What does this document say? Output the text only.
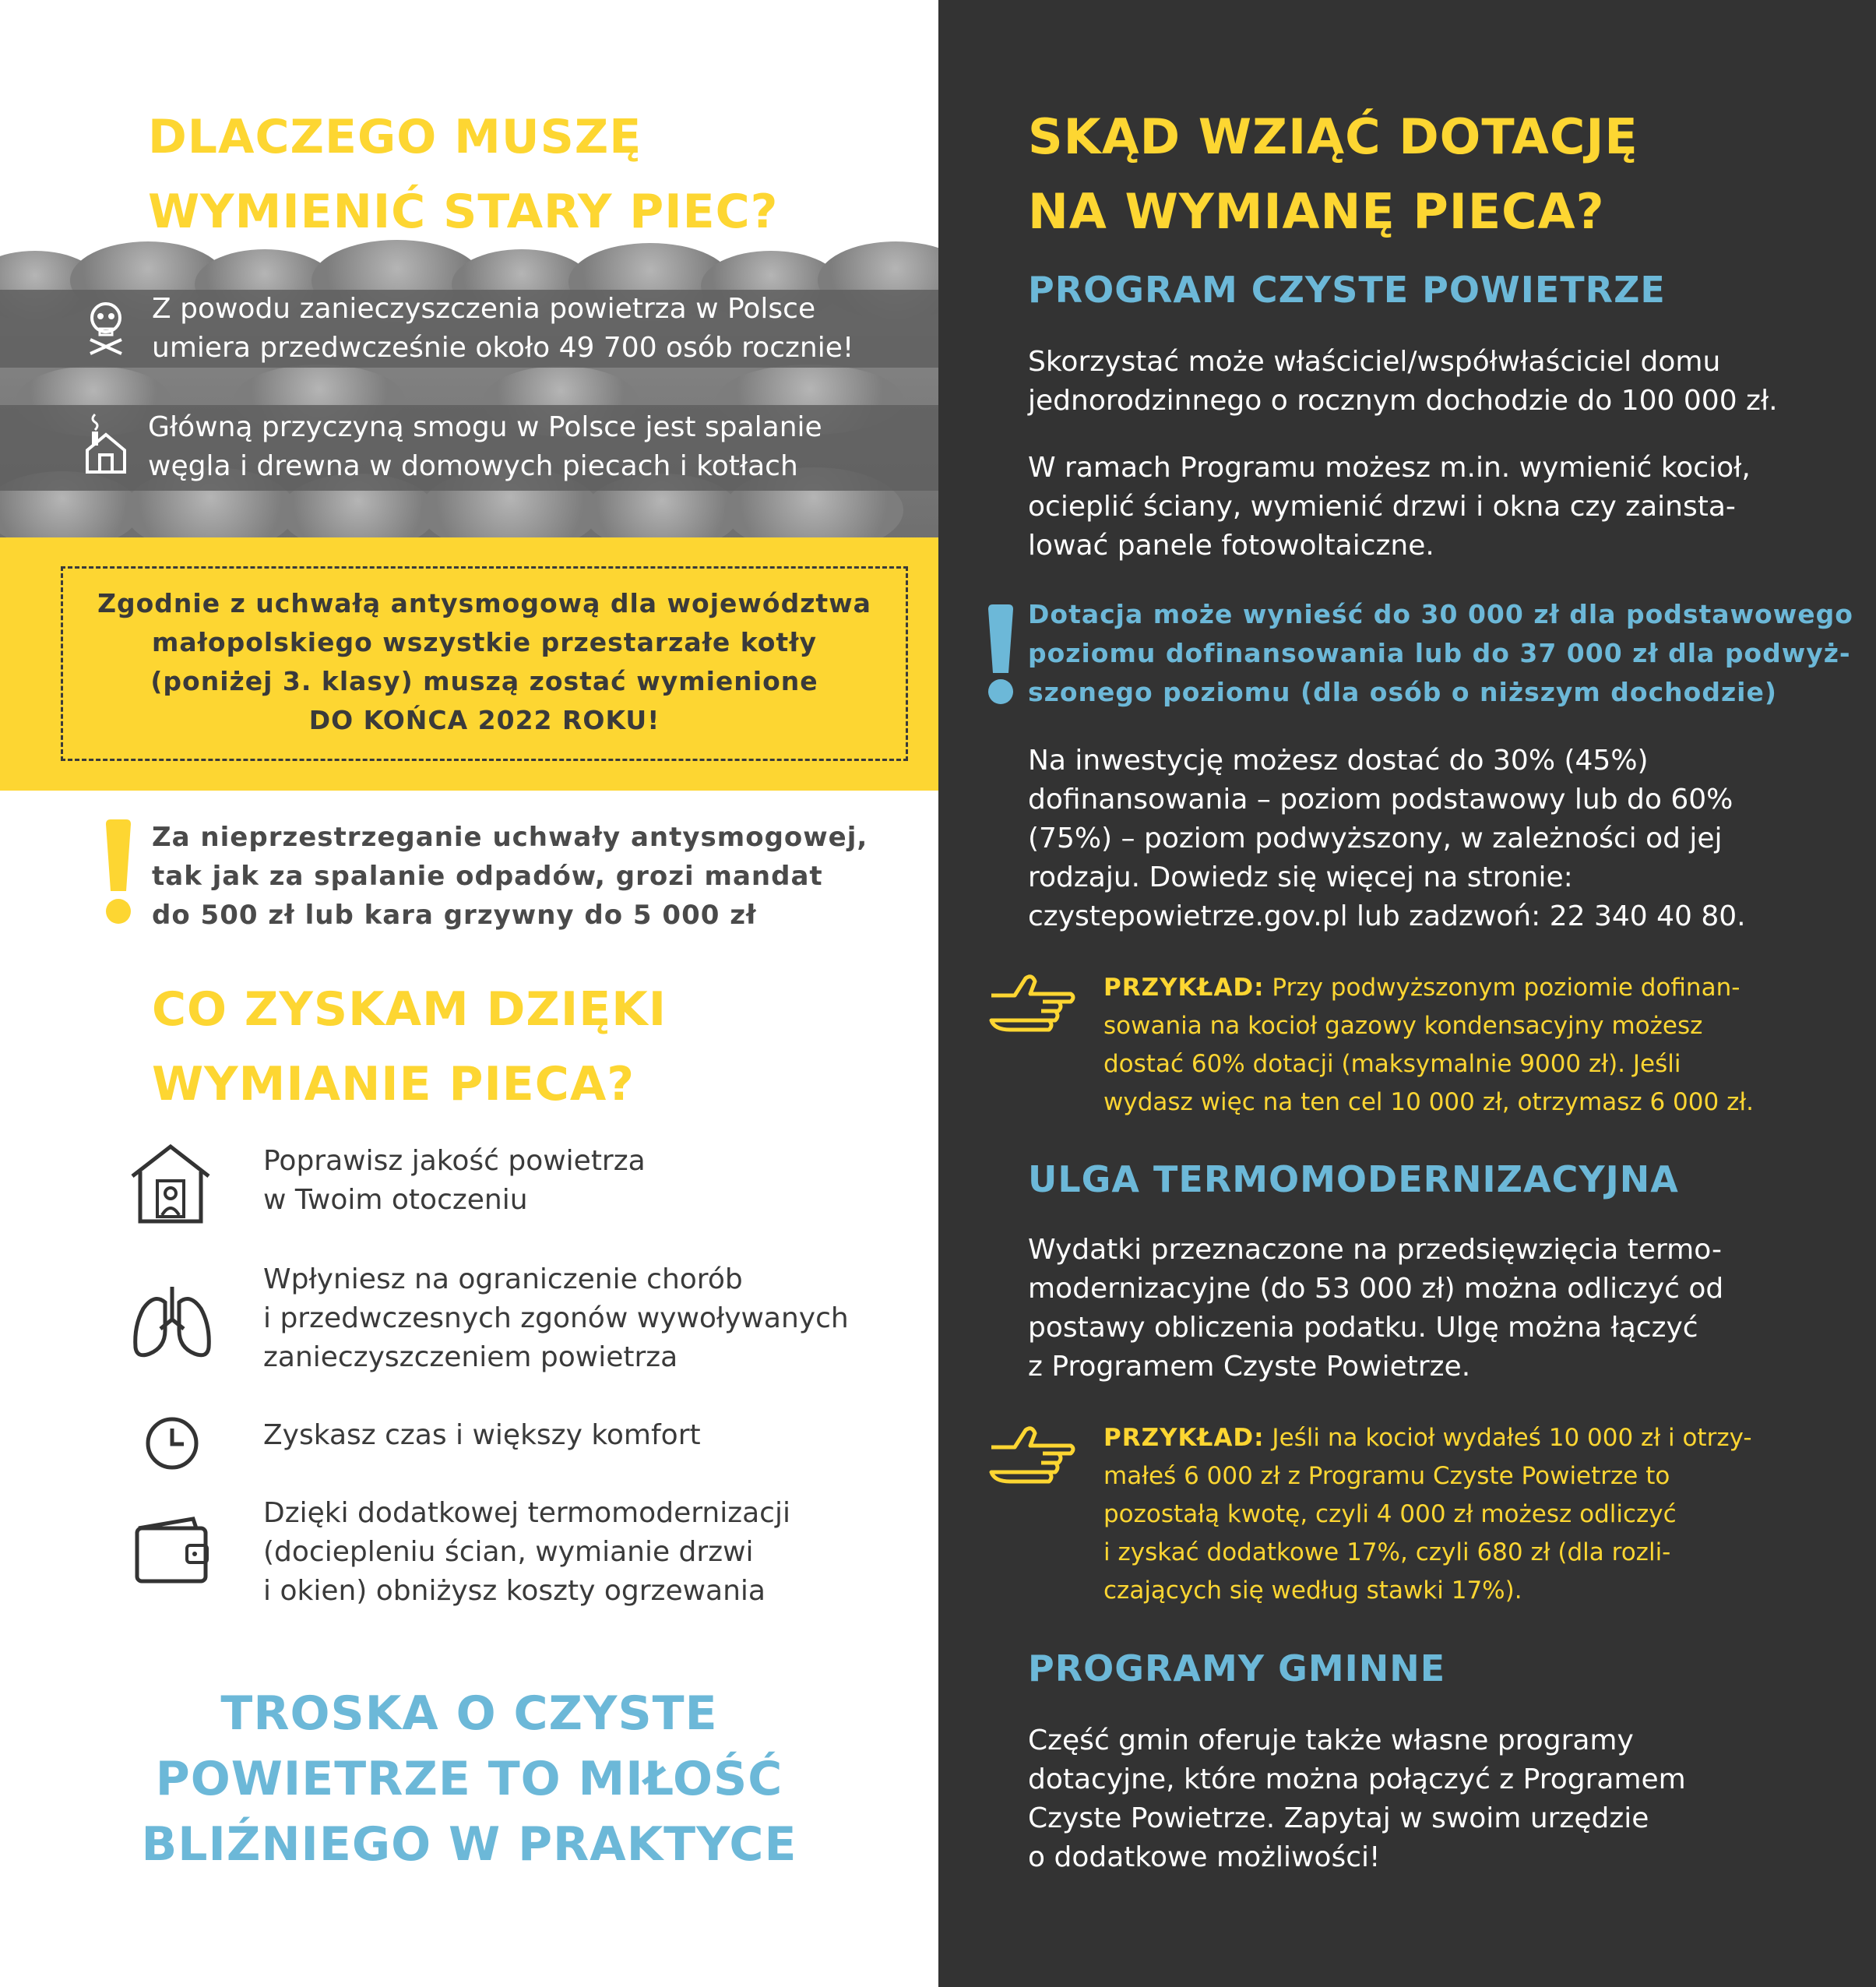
DLACZEGO MUSZĘ
WYMIENIĆ STARY PIEC?
Z powodu zanieczyszczenia powietrza w Polsce
umiera przedwcześnie około 49 700 osób rocznie!
Główną przyczyną smogu w Polsce jest spalanie
węgla i drewna w domowych piecach i kotłach
Zgodnie z uchwałą antysmogową dla województwa
małopolskiego wszystkie przestarzałe kotły
(poniżej 3. klasy) muszą zostać wymienione
DO KOŃCA 2022 ROKU!
Za nieprzestrzeganie uchwały antysmogowej,
tak jak za spalanie odpadów, grozi mandat
do 500 zł lub kara grzywny do 5 000 zł
CO ZYSKAM DZIĘKI
WYMIANIE PIECA?
Poprawisz jakość powietrza
w Twoim otoczeniu
Wpłyniesz na ograniczenie chorób
i przedwczesnych zgonów wywoływanych
zanieczyszczeniem powietrza
Zyskasz czas i większy komfort
Dzięki dodatkowej termomodernizacji
(dociepleniu ścian, wymianie drzwi
i okien) obniżysz koszty ogrzewania
TROSKA O CZYSTE
POWIETRZE TO MIŁOŚĆ
BLIŹNIEGO W PRAKTYCE
SKĄD WZIĄĆ DOTACJĘ
NA WYMIANĘ PIECA?
PROGRAM CZYSTE POWIETRZE
Skorzystać może właściciel/współwłaściciel domu
jednorodzinnego o rocznym dochodzie do 100 000 zł.
W ramach Programu możesz m.in. wymienić kocioł,
ocieplić ściany, wymienić drzwi i okna czy zainsta-
lować panele fotowoltaiczne.
Dotacja może wynieść do 30 000 zł dla podstawowego
poziomu dofinansowania lub do 37 000 zł dla podwyż-
szonego poziomu (dla osób o niższym dochodzie)
Na inwestycję możesz dostać do 30% (45%)
dofinansowania – poziom podstawowy lub do 60%
(75%) – poziom podwyższony, w zależności od jej
rodzaju. Dowiedz się więcej na stronie:
czystepowietrze.gov.pl lub zadzwoń: 22 340 40 80.
PRZYKŁAD: Przy podwyższonym poziomie dofinan-
sowania na kocioł gazowy kondensacyjny możesz
dostać 60% dotacji (maksymalnie 9000 zł). Jeśli
wydasz więc na ten cel 10 000 zł, otrzymasz 6 000 zł.
ULGA TERMOMODERNIZACYJNA
Wydatki przeznaczone na przedsięwzięcia termo-
modernizacyjne (do 53 000 zł) można odliczyć od
postawy obliczenia podatku. Ulgę można łączyć
z Programem Czyste Powietrze.
PRZYKŁAD: Jeśli na kocioł wydałeś 10 000 zł i otrzy-
małeś 6 000 zł z Programu Czyste Powietrze to
pozostałą kwotę, czyli 4 000 zł możesz odliczyć
i zyskać dodatkowe 17%, czyli 680 zł (dla rozli-
czających się według stawki 17%).
PROGRAMY GMINNE
Część gmin oferuje także własne programy
dotacyjne, które można połączyć z Programem
Czyste Powietrze. Zapytaj w swoim urzędzie
o dodatkowe możliwości!
